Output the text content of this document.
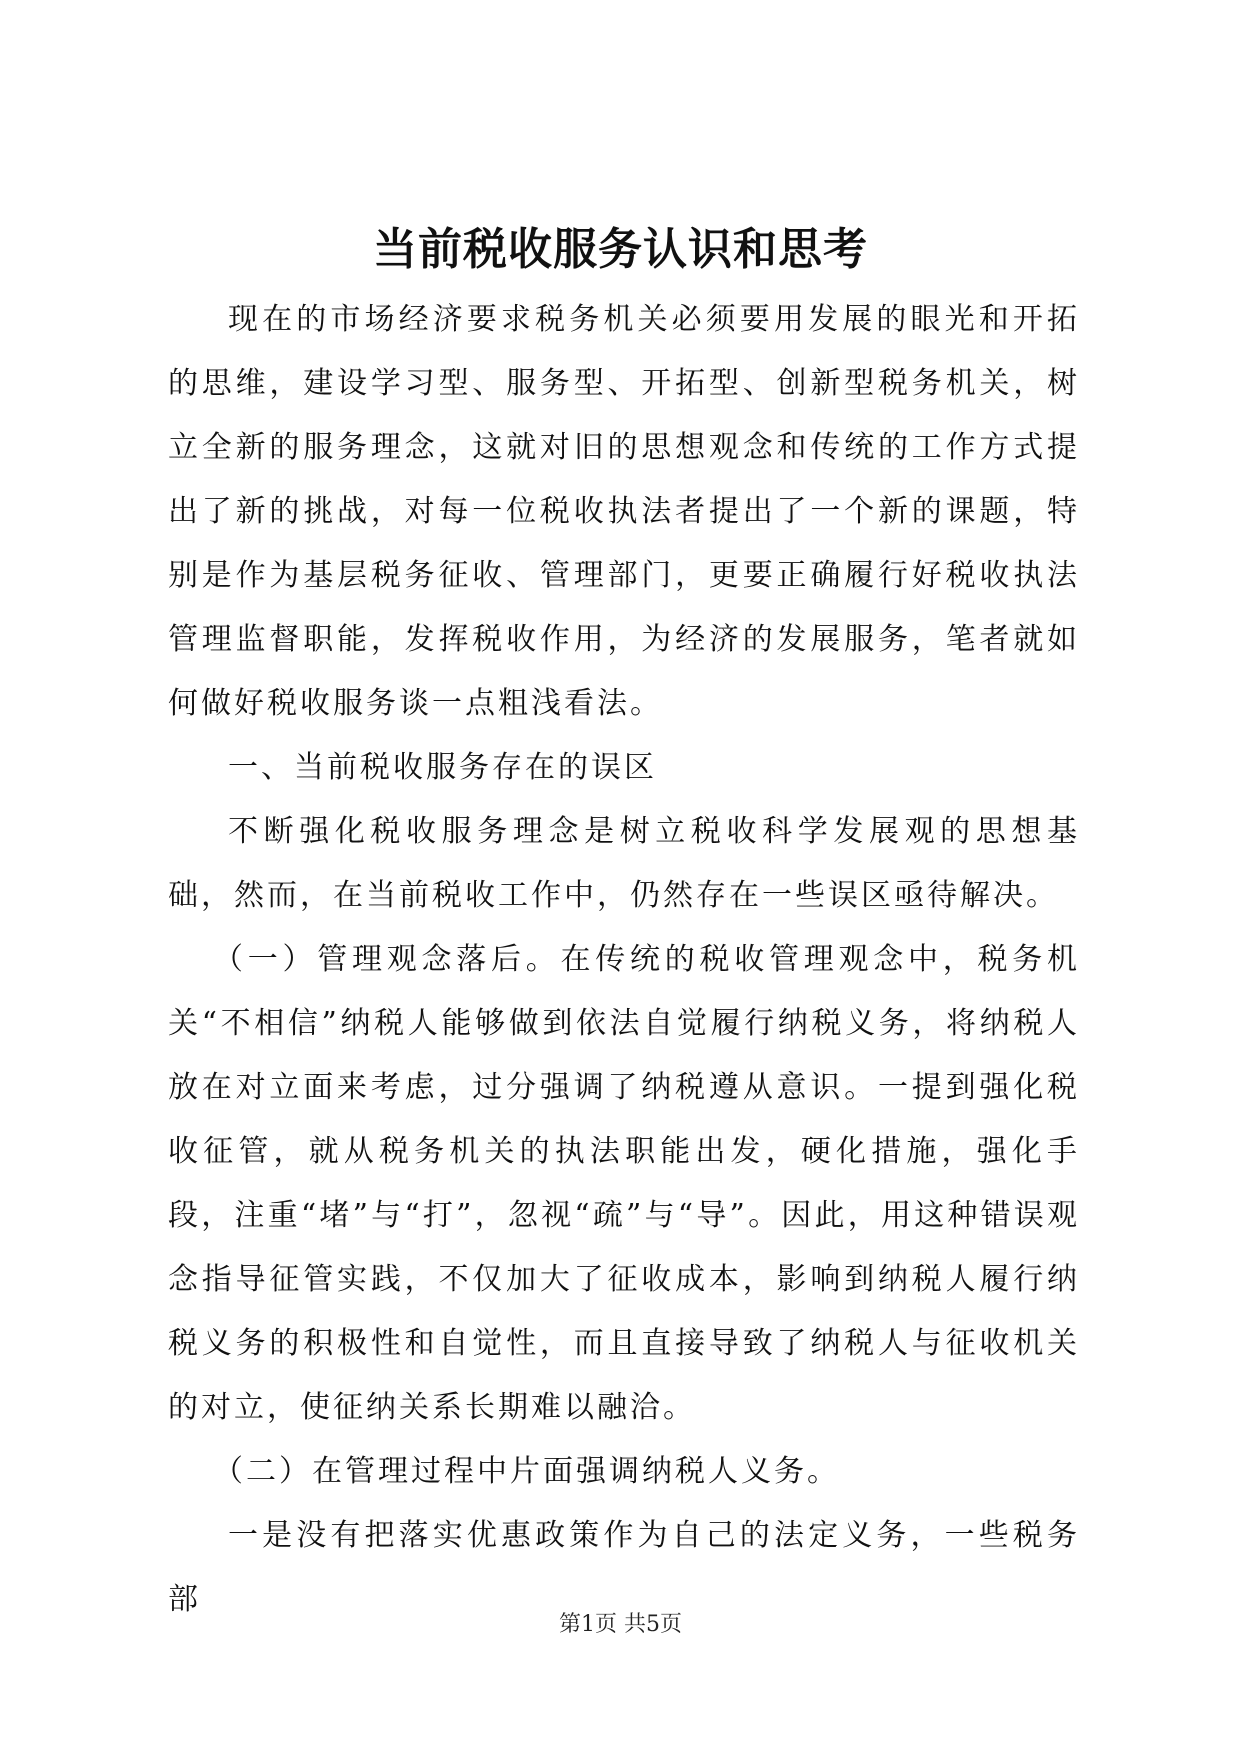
当前税收服务认识和思考

现在的市场经济要求税务机关必须要用发展的眼光和开拓的思维，建设学习型、服务型、开拓型、创新型税务机关，树立全新的服务理念，这就对旧的思想观念和传统的工作方式提出了新的挑战，对每一位税收执法者提出了一个新的课题，特别是作为基层税务征收、管理部门，更要正确履行好税收执法管理监督职能，发挥税收作用，为经济的发展服务，笔者就如何做好税收服务谈一点粗浅看法。

一、当前税收服务存在的误区

不断强化税收服务理念是树立税收科学发展观的思想基础，然而，在当前税收工作中，仍然存在一些误区亟待解决。

（一）管理观念落后。在传统的税收管理观念中，税务机关“不相信”纳税人能够做到依法自觉履行纳税义务，将纳税人放在对立面来考虑，过分强调了纳税遵从意识。一提到强化税收征管，就从税务机关的执法职能出发，硬化措施，强化手段，注重“堵”与“打”，忽视“疏”与“导”。因此，用这种错误观念指导征管实践，不仅加大了征收成本，影响到纳税人履行纳税义务的积极性和自觉性，而且直接导致了纳税人与征收机关的对立，使征纳关系长期难以融洽。

（二）在管理过程中片面强调纳税人义务。

一是没有把落实优惠政策作为自己的法定义务，一些税务部

第1页 共5页
